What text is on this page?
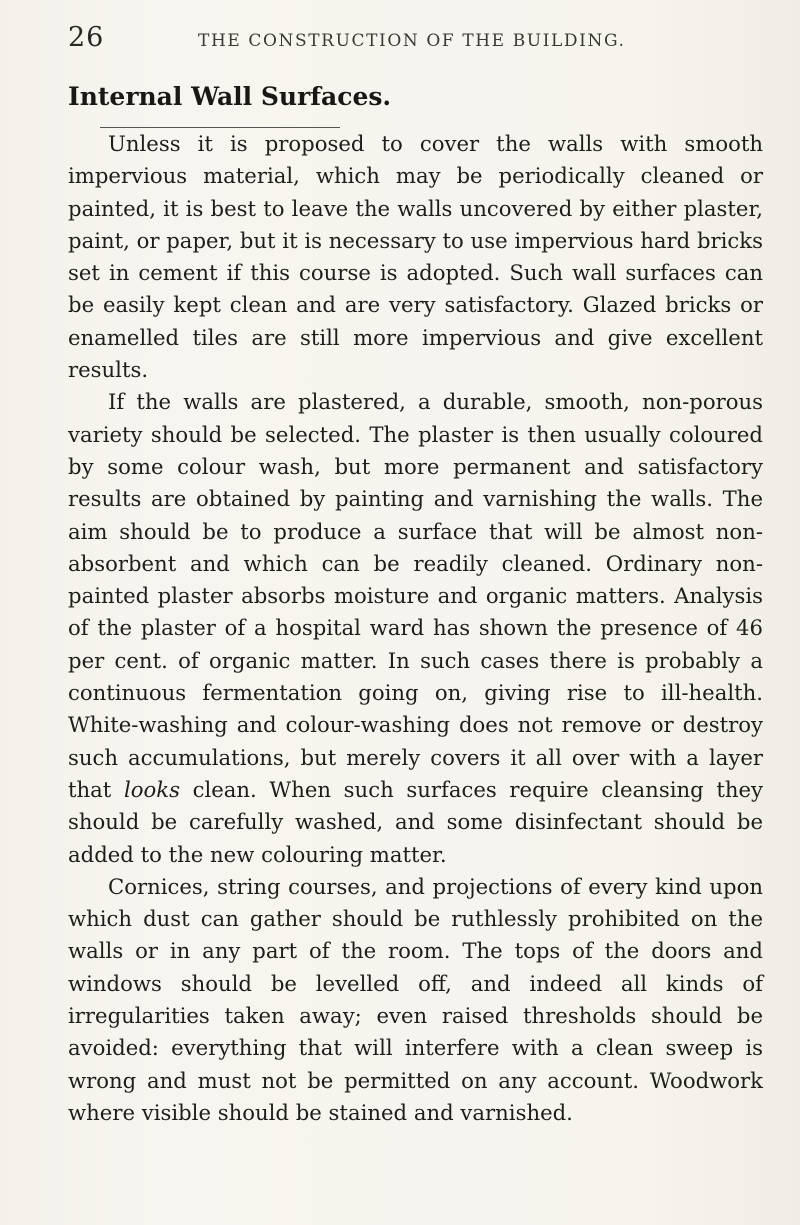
26	THE CONSTRUCTION OF THE BUILDING.
Internal Wall Surfaces.

Unless it is proposed to cover the walls with smooth impervious material, which may be periodically cleaned or painted, it is best to leave the walls uncovered by either plaster, paint, or paper, but it is necessary to use impervious hard bricks set in cement if this course is adopted. Such wall surfaces can be easily kept clean and are very satisfactory. Glazed bricks or enamelled tiles are still more impervious and give excellent results.

If the walls are plastered, a durable, smooth, non-porous variety should be selected. The plaster is then usually coloured by some colour wash, but more permanent and satisfactory results are obtained by painting and varnishing the walls. The aim should be to produce a surface that will be almost non-absorbent and which can be readily cleaned. Ordinary non-painted plaster absorbs moisture and organic matters. Analysis of the plaster of a hospital ward has shown the presence of 46 per cent. of organic matter. In such cases there is probably a continuous fermentation going on, giving rise to ill-health. White-washing and colour-washing does not remove or destroy such accumulations, but merely covers it all over with a layer that looks clean. When such surfaces require cleansing they should be carefully washed, and some disinfectant should be added to the new colouring matter.

Cornices, string courses, and projections of every kind upon which dust can gather should be ruthlessly prohibited on the walls or in any part of the room. The tops of the doors and windows should be levelled off, and indeed all kinds of irregularities taken away; even raised thresholds should be avoided: everything that will interfere with a clean sweep is wrong and must not be permitted on any account. Woodwork where visible should be stained and varnished.
